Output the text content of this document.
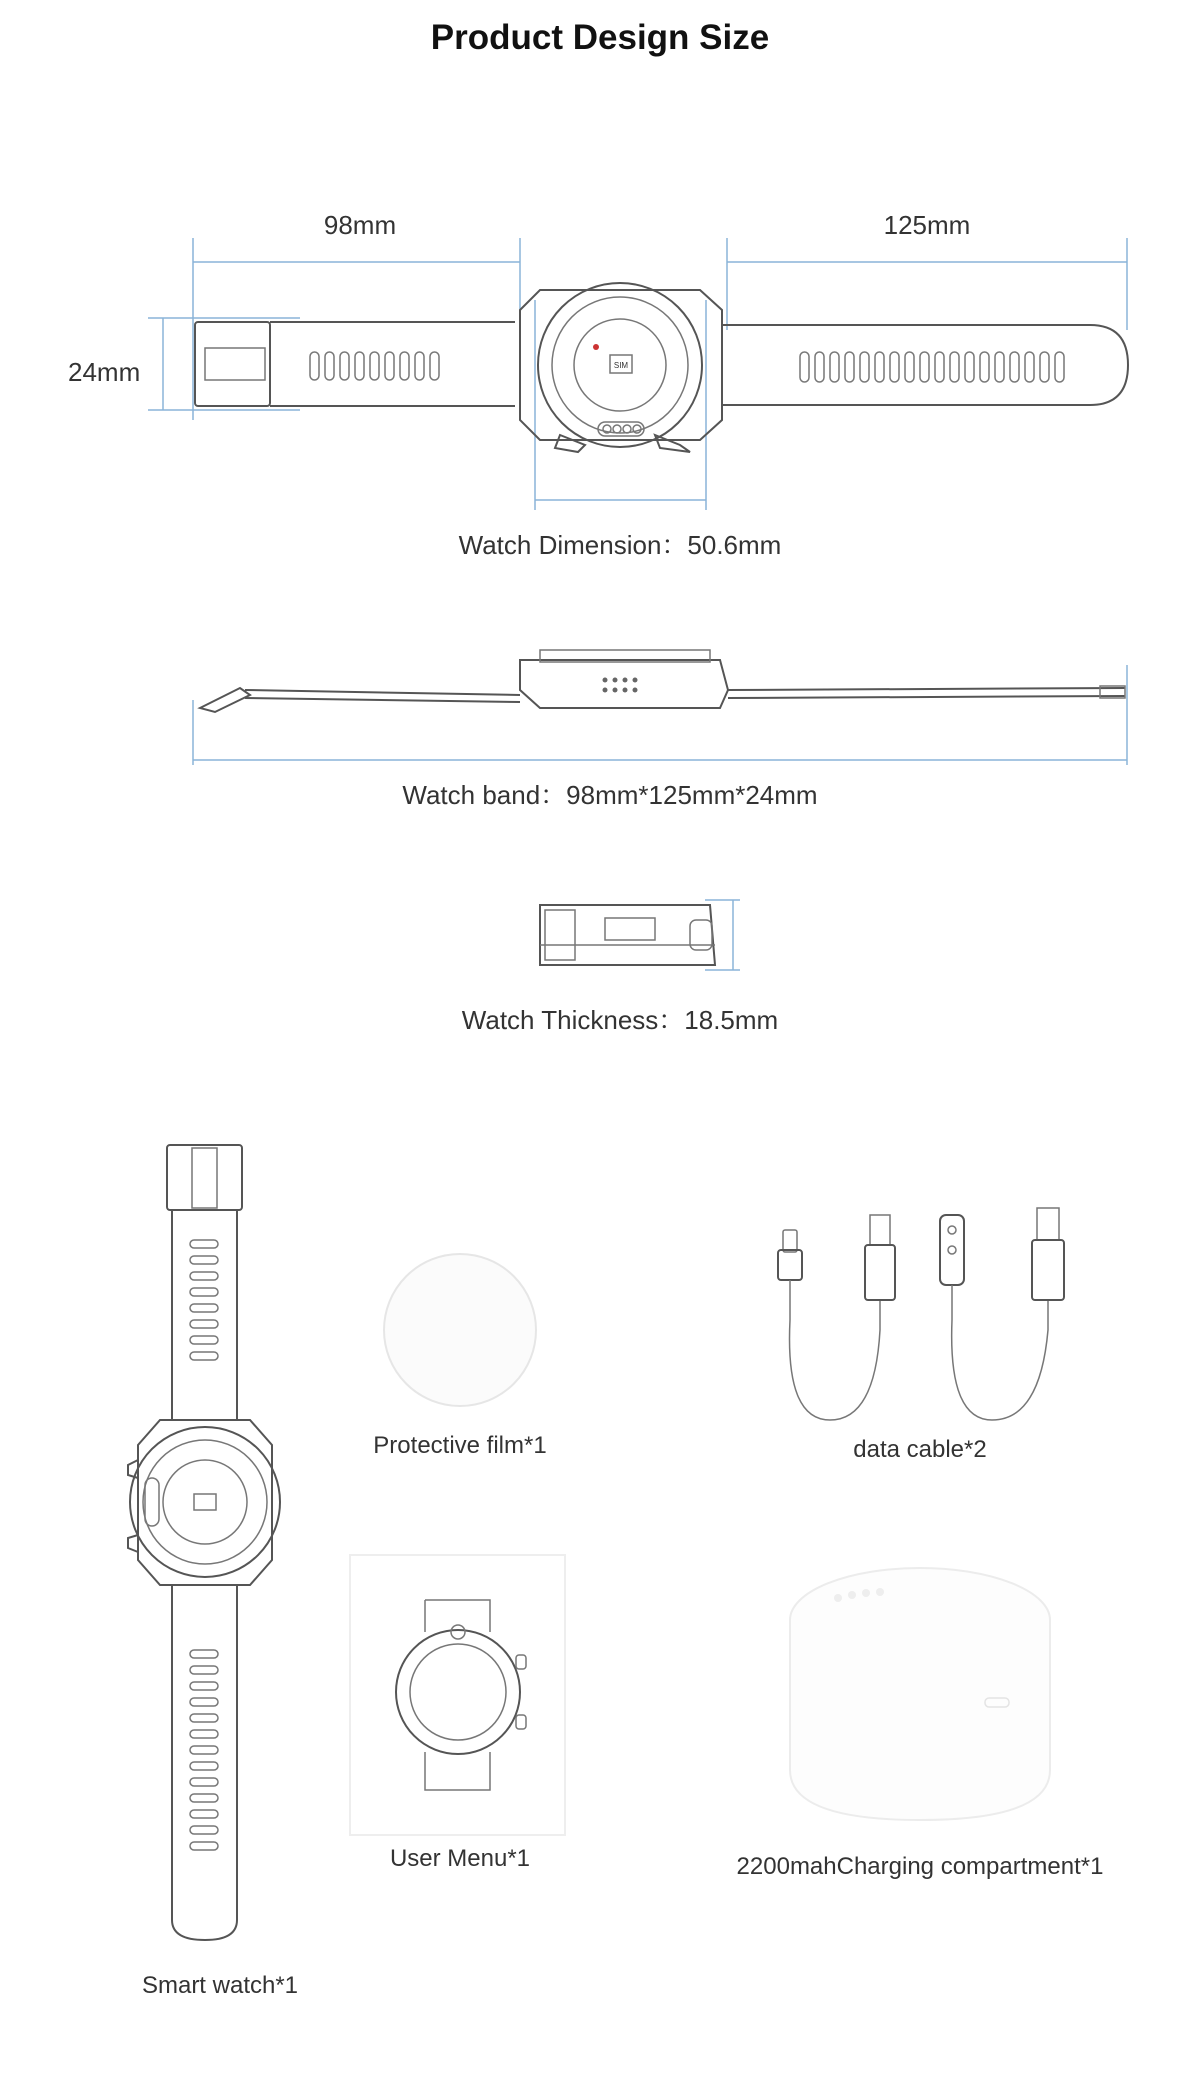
Product Design Size
SIM
98mm	125mm
24mm
Watch Dimension：50.6mm
Watch band：98mm*125mm*24mm
Watch Thickness：18.5mm
Protective film*1	data cable*2
User Menu*1	2200mahCharging compartment*1
Smart watch*1
